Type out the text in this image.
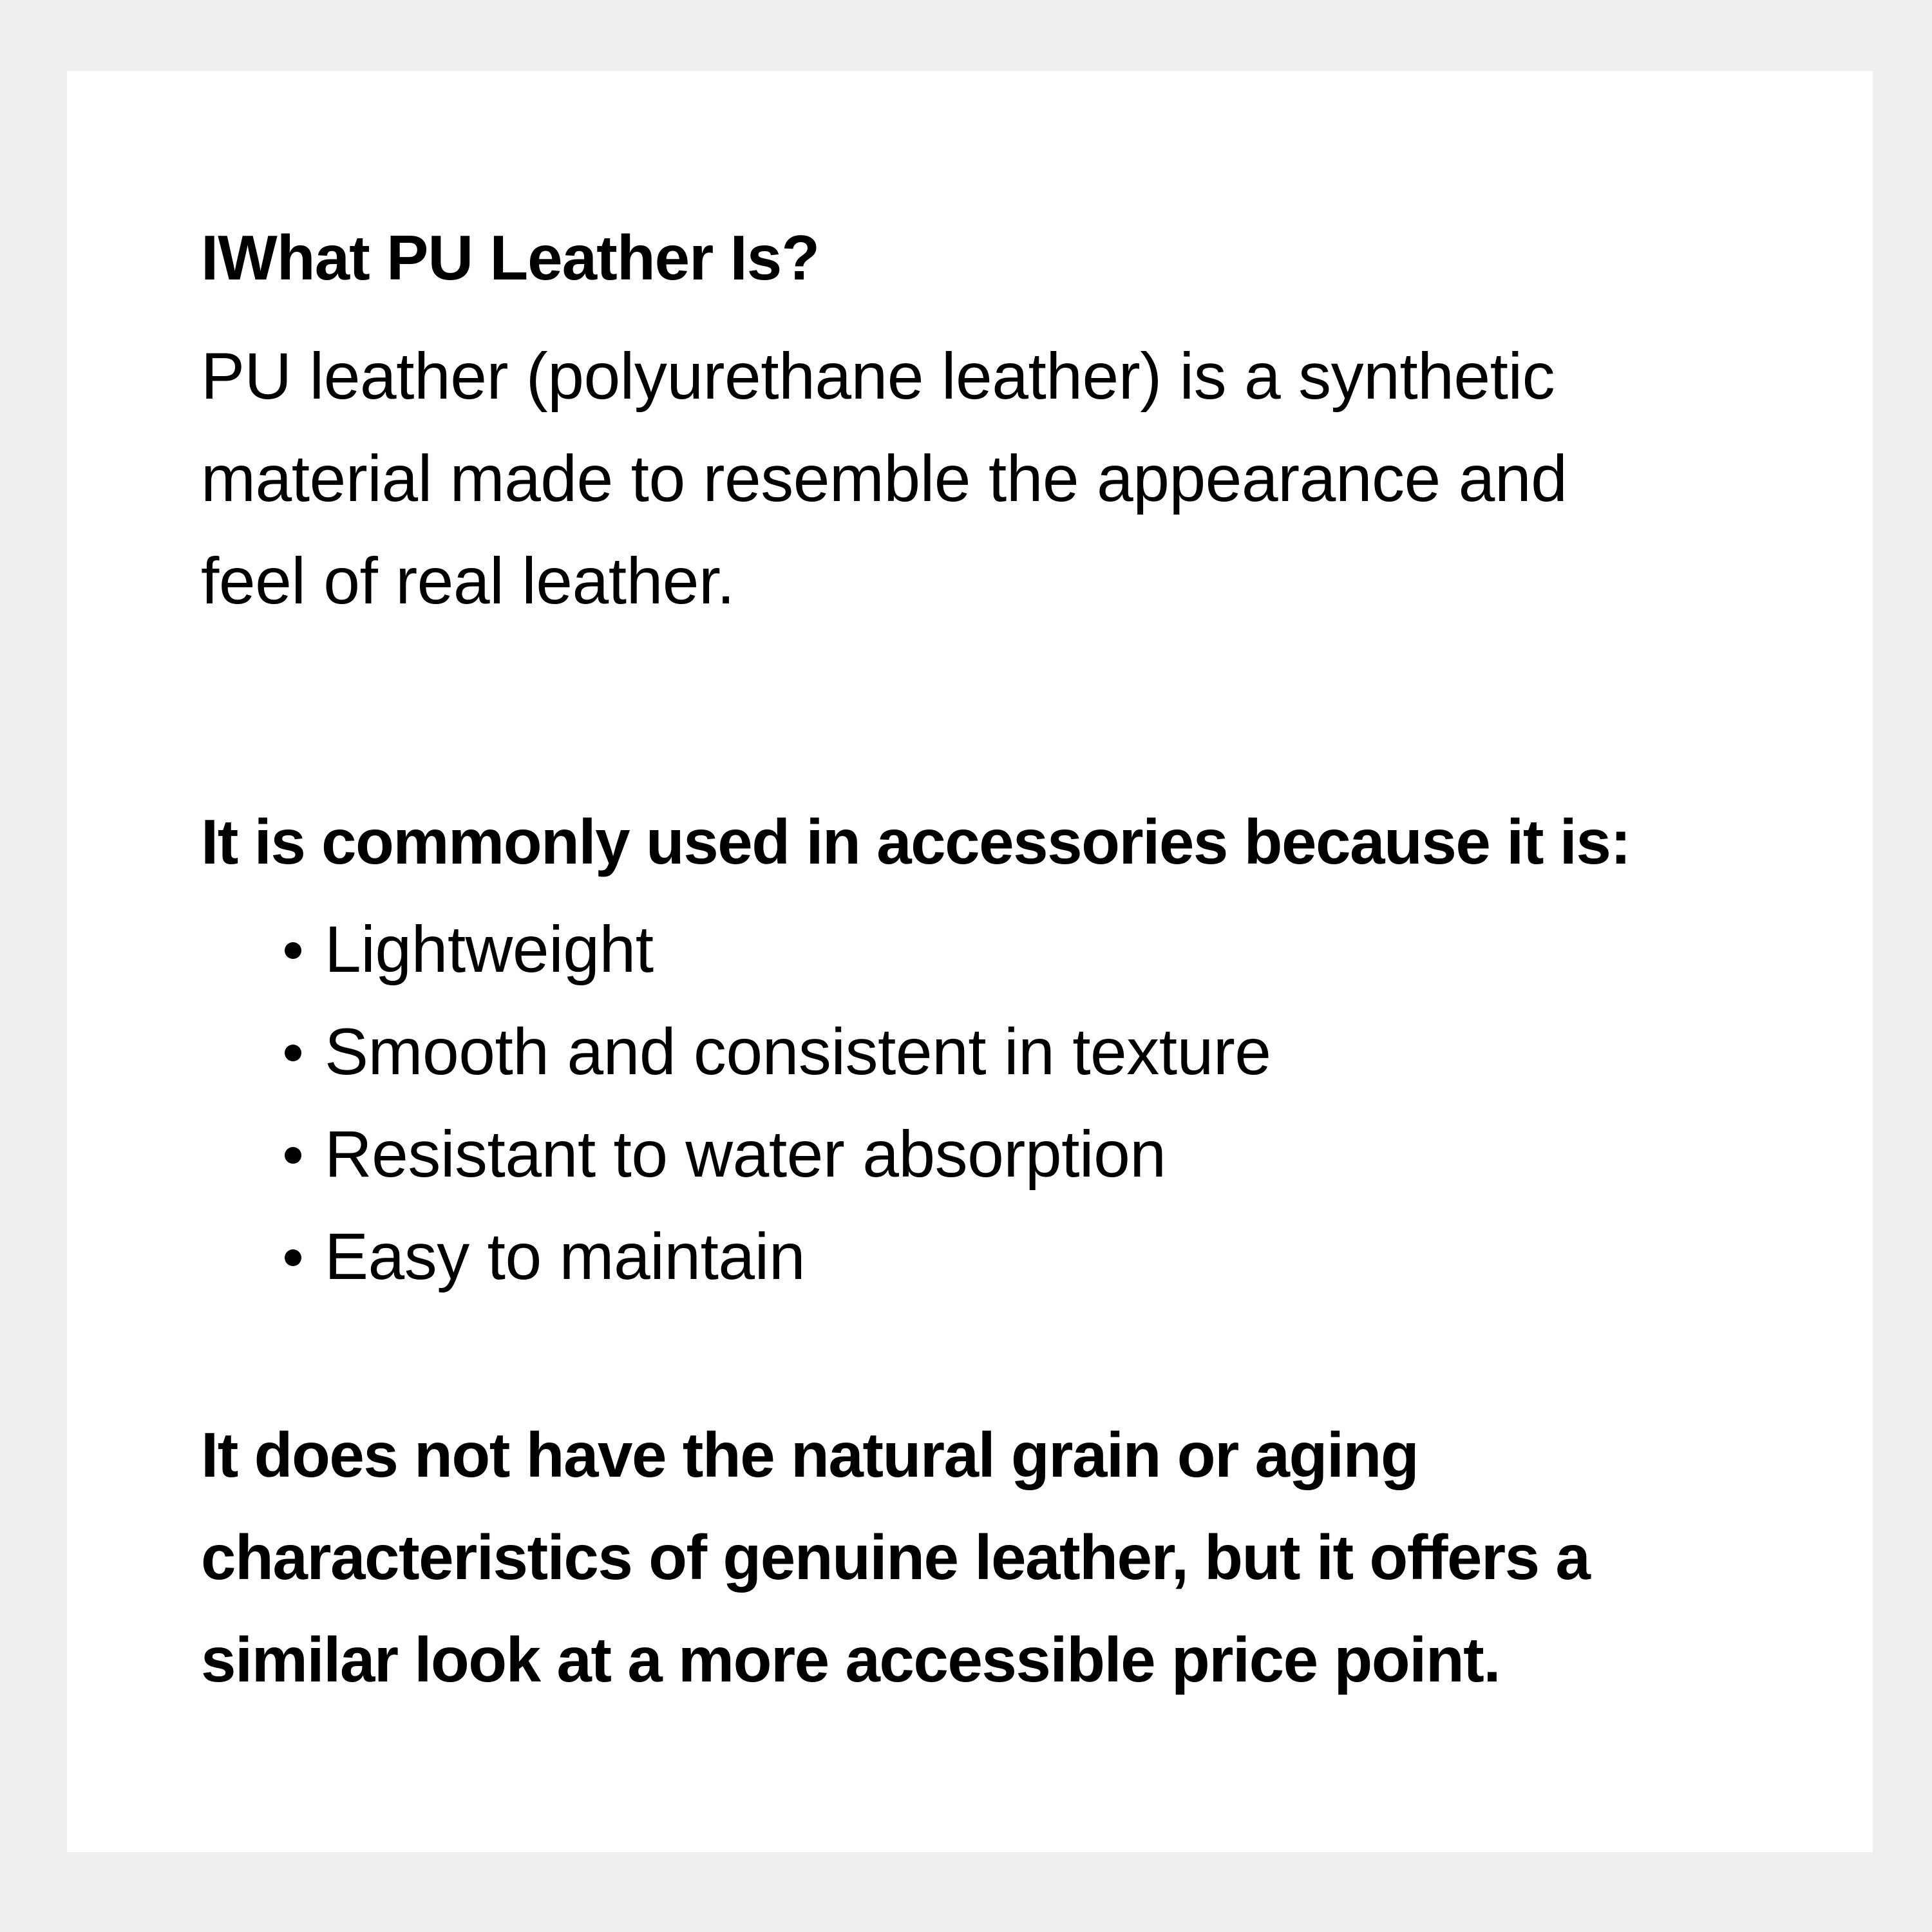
IWhat PU Leather Is?

PU leather (polyurethane leather) is a synthetic
material made to resemble the appearance and
feel of real leather.

It is commonly used in accessories because it is:
Lightweight
Smooth and consistent in texture
Resistant to water absorption
Easy to maintain

It does not have the natural grain or aging
characteristics of genuine leather, but it offers a
similar look at a more accessible price point.
